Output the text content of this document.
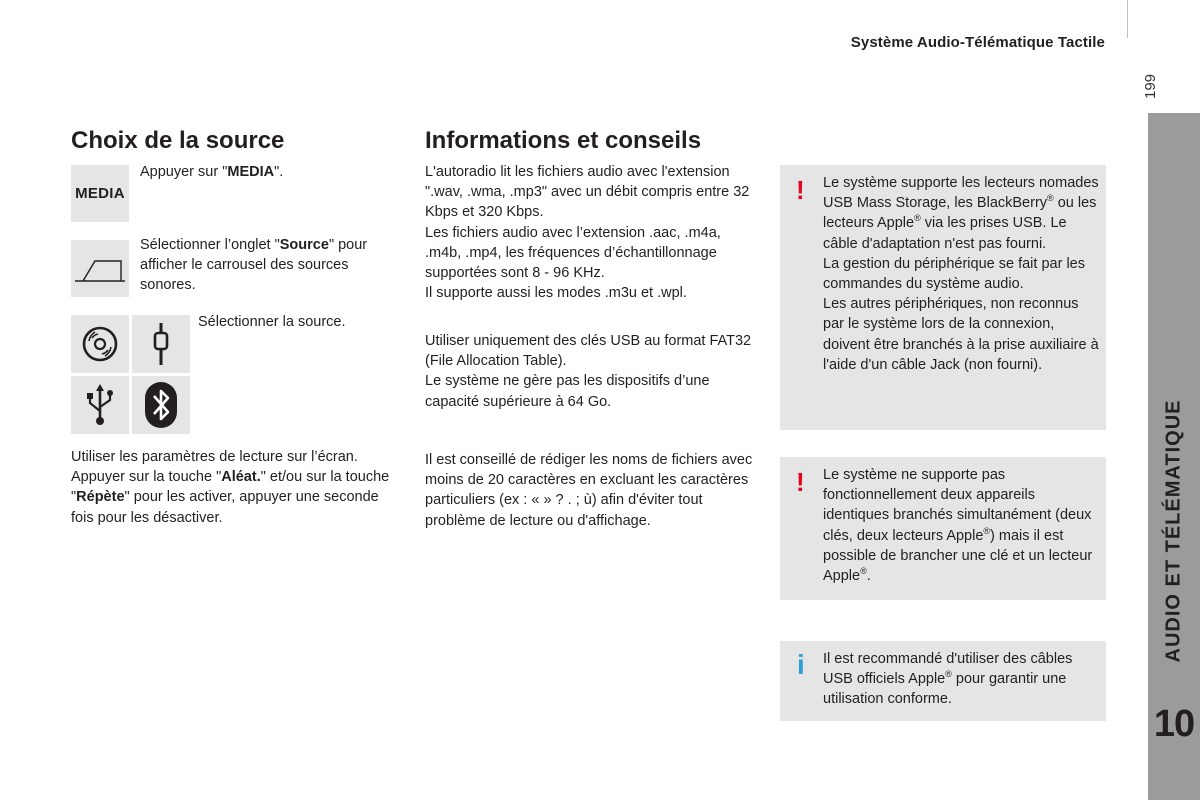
Système Audio-Télématique Tactile
199
AUDIO ET TÉLÉMATIQUE
10
Choix de la source
MEDIA
Appuyer sur "MEDIA".
Sélectionner l’onglet "Source" pour afficher le carrousel des sources sonores.
Sélectionner la source.
Utiliser les paramètres de lecture sur l’écran.
Appuyer sur la touche "Aléat." et/ou sur la touche "Répète" pour les activer, appuyer une seconde fois pour les désactiver.
Informations et conseils
L'autoradio lit les fichiers audio avec l'extension ".wav, .wma, .mp3" avec un débit compris entre 32 Kbps et 320 Kbps.
Les fichiers audio avec l’extension .aac, .m4a, .m4b, .mp4, les fréquences d’échantillonnage supportées sont 8 - 96 KHz.
Il supporte aussi les modes .m3u et .wpl.
Utiliser uniquement des clés USB au format FAT32 (File Allocation Table).
Le système ne gère pas les dispositifs d’une capacité supérieure à 64 Go.
Il est conseillé de rédiger les noms de fichiers avec moins de 20 caractères en excluant les caractères particuliers (ex : « » ? . ; ù) afin d'éviter tout problème de lecture ou d'affichage.
! Le système supporte les lecteurs nomades USB Mass Storage, les BlackBerry® ou les lecteurs Apple® via les prises USB. Le câble d'adaptation n'est pas fourni.
La gestion du périphérique se fait par les commandes du système audio.
Les autres périphériques, non reconnus par le système lors de la connexion, doivent être branchés à la prise auxiliaire à l'aide d'un câble Jack (non fourni).
! Le système ne supporte pas fonctionnellement deux appareils identiques branchés simultanément (deux clés, deux lecteurs Apple®) mais il est possible de brancher une clé et un lecteur Apple®.
i Il est recommandé d'utiliser des câbles USB officiels Apple® pour garantir une utilisation conforme.
